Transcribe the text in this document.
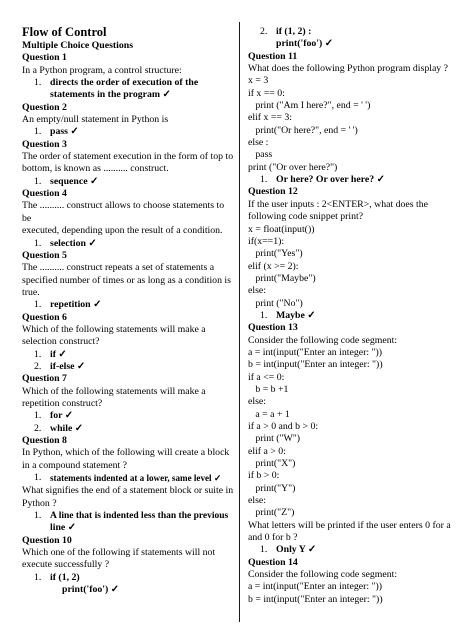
Flow of Control
Multiple Choice Questions
Question 1
In a Python program, a control structure:
1. directs the order of execution of the
statements in the program ✓
Question 2
An empty/null statement in Python is
1. pass ✓
Question 3
The order of statement execution in the form of top to
bottom, is known as .......... construct.
1. sequence ✓
Question 4
The .......... construct allows to choose statements to be
executed, depending upon the result of a condition.
1. selection ✓
Question 5
The .......... construct repeats a set of statements a
specified number of times or as long as a condition is
true.
1. repetition ✓
Question 6
Which of the following statements will make a
selection construct?
1. if ✓
2. if-else ✓
Question 7
Which of the following statements will make a
repetition construct?
1. for ✓
2. while ✓
Question 8
In Python, which of the following will create a block
in a compound statement ?
1. statements indented at a lower, same level ✓
What signifies the end of a statement block or suite in
Python ?
1. A line that is indented less than the previous
line ✓
Question 10
Which one of the following if statements will not
execute successfully ?
1. if (1, 2)
print('foo') ✓
2. if (1, 2) :
print('foo') ✓
Question 11
What does the following Python program display ?
x = 3
if x == 0:
print ("Am I here?", end = ' ')
elif x == 3:
print("Or here?", end = ' ')
else :
pass
print ("Or over here?")
1. Or here? Or over here? ✓
Question 12
If the user inputs : 2<ENTER>, what does the
following code snippet print?
x = float(input())
if(x==1):
print("Yes")
elif (x >= 2):
print("Maybe")
else:
print ("No")
1. Maybe ✓
Question 13
Consider the following code segment:
a = int(input("Enter an integer: "))
b = int(input("Enter an integer: "))
if a <= 0:
b = b +1
else:
a = a + 1
if a > 0 and b > 0:
print ("W")
elif a > 0:
print("X")
if b > 0:
print("Y")
else:
print("Z")
What letters will be printed if the user enters 0 for a
and 0 for b ?
1. Only Y ✓
Question 14
Consider the following code segment:
a = int(input("Enter an integer: "))
b = int(input("Enter an integer: "))
